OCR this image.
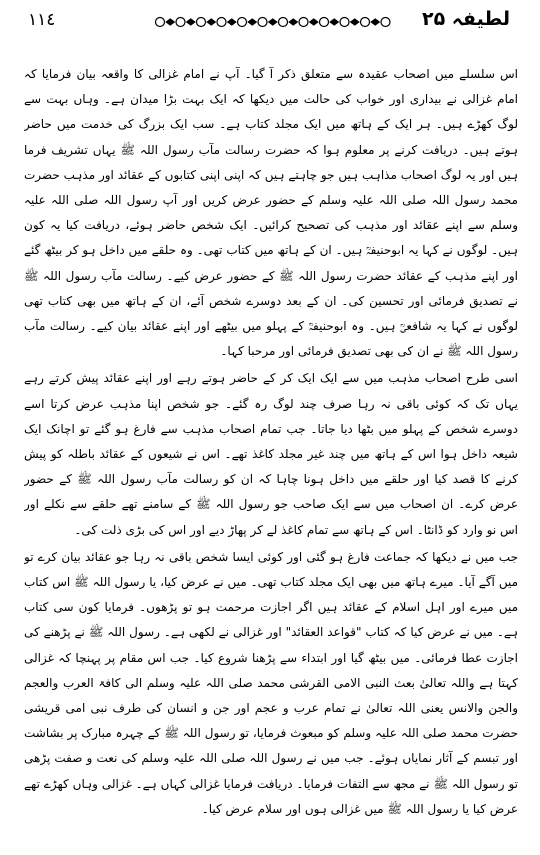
١١٤	لطیفہ ۲۵

اس سلسلے میں اصحاب عقیدہ سے متعلق ذکر آ گیا۔ آپ نے امام غزالی کا واقعہ بیان فرمایا کہ امام غزالی نے بیداری اور خواب کی حالت میں دیکھا کہ ایک بہت بڑا میدان ہے۔ وہاں بہت سے لوگ کھڑے ہیں۔ ہر ایک کے ہاتھ میں ایک مجلد کتاب ہے۔ سب ایک بزرگ کی خدمت میں حاضر ہوتے ہیں۔ دریافت کرنے پر معلوم ہوا کہ حضرت رسالت مآب رسول اللہ ﷺ یہاں تشریف فرما ہیں اور یہ لوگ اصحاب مذاہب ہیں جو چاہتے ہیں کہ اپنی اپنی کتابوں کے عقائد اور مذہب حضرت محمد رسول اللہ صلی اللہ علیہ وسلم کے حضور عرض کریں اور آپ رسول اللہ صلی اللہ علیہ وسلم سے اپنے عقائد اور مذہب کی تصحیح کرائیں۔ ایک شخص حاضر ہوئے، دریافت کیا یہ کون ہیں۔ لوگوں نے کہا یہ ابوحنیفہؒ ہیں۔ ان کے ہاتھ میں کتاب تھی۔ وہ حلقے میں داخل ہو کر بیٹھ گئے اور اپنے مذہب کے عقائد حضرت رسول اللہ ﷺ کے حضور عرض کیے۔ رسالت مآب رسول اللہ ﷺ نے تصدیق فرمائی اور تحسین کی۔ ان کے بعد دوسرے شخص آئے، ان کے ہاتھ میں بھی کتاب تھی لوگوں نے کہا یہ شافعیؒ ہیں۔ وہ ابوحنیفہؒ کے پہلو میں بیٹھے اور اپنے عقائد بیان کیے۔ رسالت مآب رسول اللہ ﷺ نے ان کی بھی تصدیق فرمائی اور مرحبا کہا۔

اسی طرح اصحاب مذہب میں سے ایک ایک کر کے حاضر ہوتے رہے اور اپنے عقائد پیش کرتے رہے یہاں تک کہ کوئی باقی نہ رہا صرف چند لوگ رہ گئے۔ جو شخص اپنا مذہب عرض کرتا اسے دوسرے شخص کے پہلو میں بٹھا دیا جاتا۔ جب تمام اصحاب مذہب سے فارغ ہو گئے تو اچانک ایک شیعہ داخل ہوا اس کے ہاتھ میں چند غیر مجلد کاغذ تھے۔ اس نے شیعوں کے عقائد باطلہ کو پیش کرنے کا قصد کیا اور حلقے میں داخل ہونا چاہا کہ ان کو رسالت مآب رسول اللہ ﷺ کے حضور عرض کرے۔ ان اصحاب میں سے ایک صاحب جو رسول اللہ ﷺ کے سامنے تھے حلقے سے نکلے اور اس نو وارد کو ڈانٹا۔ اس کے ہاتھ سے تمام کاغذ لے کر پھاڑ دیے اور اس کی بڑی ذلت کی۔

جب میں نے دیکھا کہ جماعت فارغ ہو گئی اور کوئی ایسا شخص باقی نہ رہا جو عقائد بیان کرے تو میں آگے آیا۔ میرے ہاتھ میں بھی ایک مجلد کتاب تھی۔ میں نے عرض کیا، یا رسول اللہ ﷺ اس کتاب میں میرے اور اہل اسلام کے عقائد ہیں اگر اجازت مرحمت ہو تو پڑھوں۔ فرمایا کون سی کتاب ہے۔ میں نے عرض کیا کہ کتاب "قواعد العقائد" اور غزالی نے لکھی ہے۔ رسول اللہ ﷺ نے پڑھنے کی اجازت عطا فرمائی۔ میں بیٹھ گیا اور ابتداء سے پڑھنا شروع کیا۔ جب اس مقام پر پہنچا کہ غزالی کہتا ہے واللہ تعالیٰ بعث النبی الامی القرشی محمد صلی اللہ علیہ وسلم الی کافۃ العرب والعجم والجن والانس یعنی اللہ تعالیٰ نے تمام عرب و عجم اور جن و انسان کی طرف نبی امی قریشی حضرت محمد صلی اللہ علیہ وسلم کو مبعوث فرمایا، تو رسول اللہ ﷺ کے چہرہ مبارک پر بشاشت اور تبسم کے آثار نمایاں ہوئے۔ جب میں نے رسول اللہ صلی اللہ علیہ وسلم کی نعت و صفت پڑھی تو رسول اللہ ﷺ نے مجھ سے التفات فرمایا۔ دریافت فرمایا غزالی کہاں ہے۔ غزالی وہاں کھڑے تھے عرض کیا یا رسول اللہ ﷺ میں غزالی ہوں اور سلام عرض کیا۔
